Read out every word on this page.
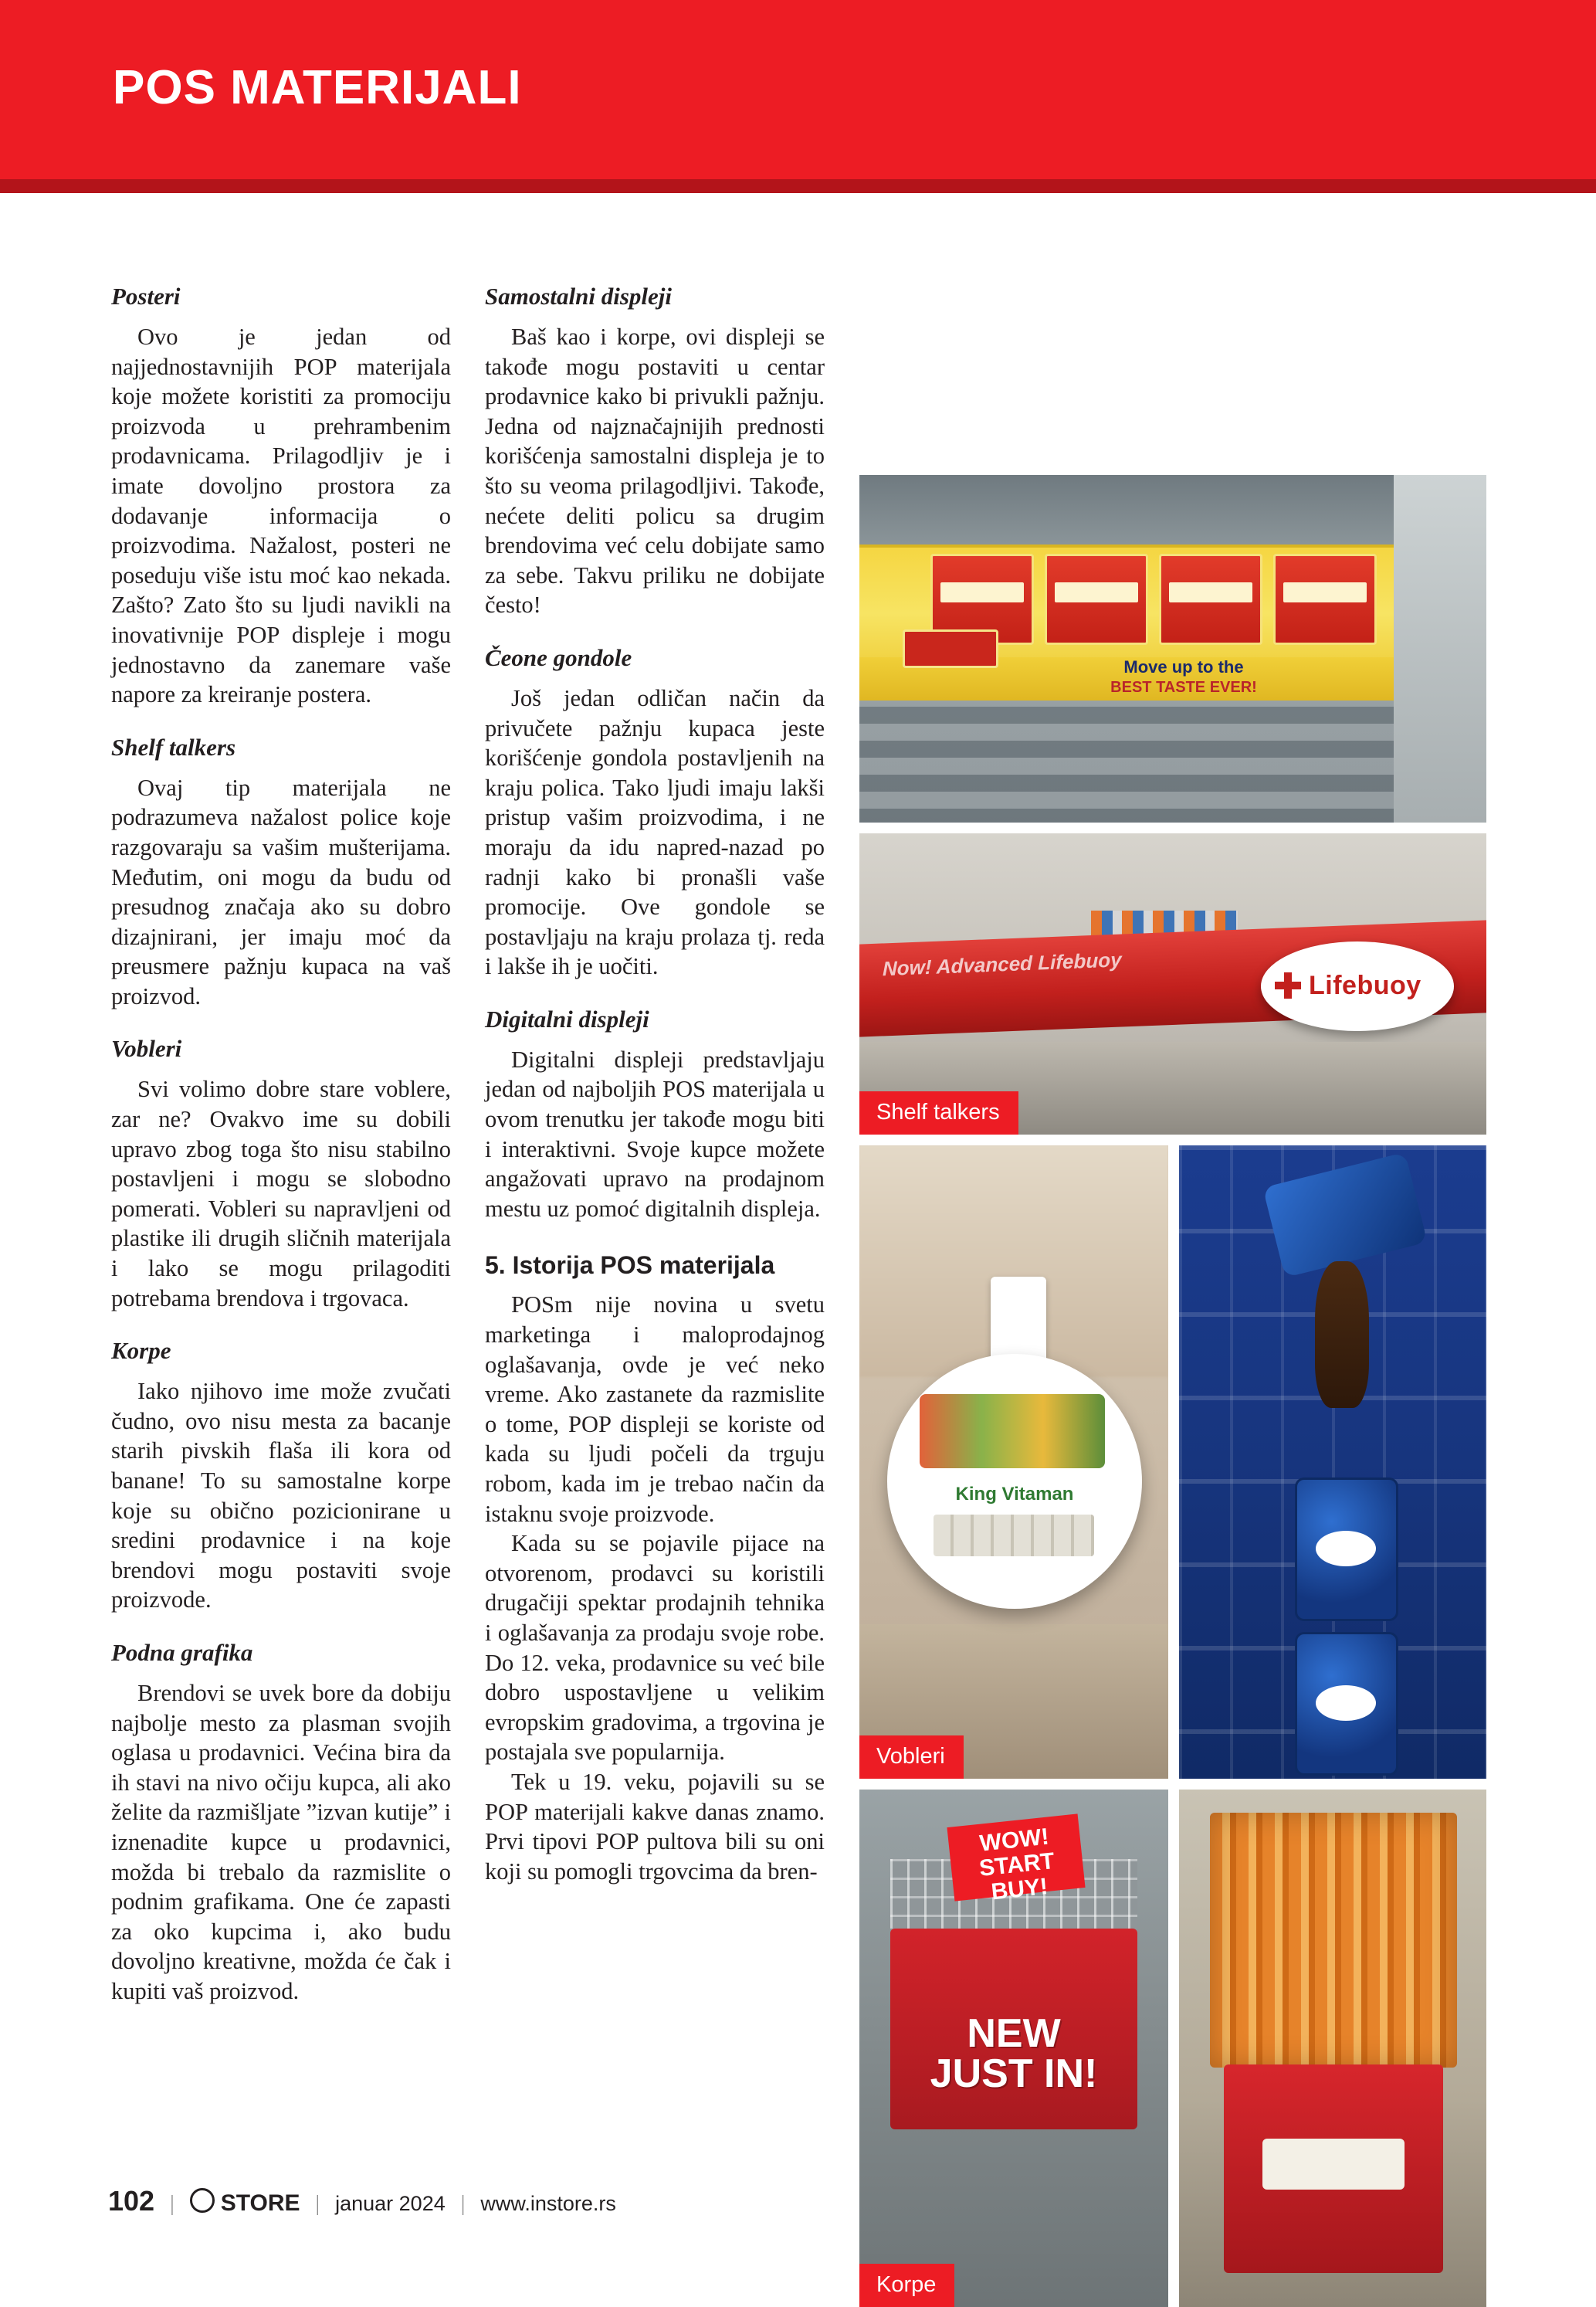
POS MATERIJALI
Posteri

Ovo je jedan od najjednostavnijih POP materijala koje možete koristiti za promociju proizvoda u prehrambenim prodavnicama. Prilagodljiv je i imate dovoljno prostora za dodavanje informacija o proizvodima. Nažalost, posteri ne poseduju više istu moć kao nekada. Zašto? Zato što su ljudi navikli na inovativnije POP displeje i mogu jednostavno da zanemare vaše napore za kreiranje postera.

Shelf talkers

Ovaj tip materijala ne podrazumeva nažalost police koje razgovaraju sa vašim mušterijama. Međutim, oni mogu da budu od presudnog značaja ako su dobro dizajnirani, jer imaju moć da preusmere pažnju kupaca na vaš proizvod.

Vobleri

Svi volimo dobre stare voblere, zar ne? Ovakvo ime su dobili upravo zbog toga što nisu stabilno postavljeni i mogu se slobodno pomerati. Vobleri su napravljeni od plastike ili drugih sličnih materijala i lako se mogu prilagoditi potrebama brendova i trgovaca.

Korpe

Iako njihovo ime može zvučati čudno, ovo nisu mesta za bacanje starih pivskih flaša ili kora od banane! To su samostalne korpe koje su obično pozicionirane u sredini prodavnice i na koje brendovi mogu postaviti svoje proizvode.

Podna grafika

Brendovi se uvek bore da dobiju najbolje mesto za plasman svojih oglasa u prodavnici. Većina bira da ih stavi na nivo očiju kupca, ali ako želite da razmišljate ”izvan kutije” i iznenadite kupce u prodavnici, možda bi trebalo da razmislite o podnim grafikama. One će zapasti za oko kupcima i, ako budu dovoljno kreativne, možda će čak i kupiti vaš proizvod.

Samostalni displeji

Baš kao i korpe, ovi displeji se takođe mogu postaviti u centar prodavnice kako bi privukli pažnju. Jedna od najznačajnijih prednosti korišćenja samostalni displeja je to što su veoma prilagodljivi. Takođe, nećete deliti policu sa drugim brendovima već celu dobijate samo za sebe. Takvu priliku ne dobijate često!

Čeone gondole

Još jedan odličan način da privučete pažnju kupaca jeste korišćenje gondola postavljenih na kraju polica. Tako ljudi imaju lakši pristup vašim proizvodima, i ne moraju da idu napred-nazad po radnji kako bi pronašli vaše promocije. Ove gondole se postavljaju na kraju prolaza tj. reda i lakše ih je uočiti.

Digitalni displeji

Digitalni displeji predstavljaju jedan od najboljih POS materijala u ovom trenutku jer takođe mogu biti i interaktivni. Svoje kupce možete angažovati upravo na prodajnom mestu uz pomoć digitalnih displeja.

5. Istorija POS materijala

POSm nije novina u svetu marketinga i maloprodajnog oglašavanja, ovde je već neko vreme. Ako zastanete da razmislite o tome, POP displeji se koriste od kada su ljudi počeli da trguju robom, kada im je trebao način da istaknu svoje proizvode.

Kada su se pojavile pijace na otvorenom, prodavci su koristili drugačiji spektar prodajnih tehnika i oglašavanja za prodaju svoje robe. Do 12. veka, prodavnice su već bile dobro uspostavljene u velikim evropskim gradovima, a trgovina je postajala sve popularnija.

Tek u 19. veku, pojavili su se POP materijali kakve danas znamo. Prvi tipovi POP pultova bili su oni koji su pomogli trgovcima da bren-

Move up to the
BEST TASTE EVER!
Now! Advanced Lifebuoy
Lifebuoy
Shelf talkers
King Vitaman
Vobleri
NEW
JUST IN!
WOW!
START
BUY!
Korpe
102 |	STORE | januar 2024 | www.instore.rs
